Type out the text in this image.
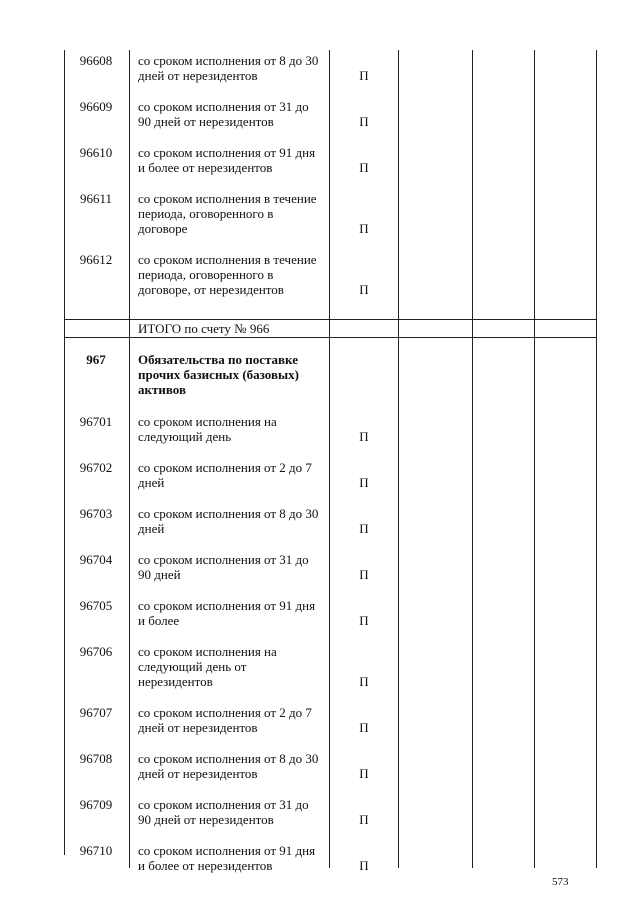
96608	со сроком исполнения от 8 до 30 дней от нерезидентов	П
96609	со сроком исполнения от 31 до 90 дней от нерезидентов	П
96610	со сроком исполнения от 91 дня и более от нерезидентов	П
96611	со сроком исполнения в течение периода, оговоренного в договоре	П
96612	со сроком исполнения в течение периода, оговоренного в договоре, от нерезидентов	П
ИТОГО по счету № 966
967	Обязательства по поставке прочих базисных (базовых) активов
96701	со сроком исполнения на следующий день	П
96702	со сроком исполнения от 2 до 7 дней	П
96703	со сроком исполнения от 8 до 30 дней	П
96704	со сроком исполнения от 31 до 90 дней	П
96705	со сроком исполнения от 91 дня и более	П
96706	со сроком исполнения на следующий день от нерезидентов	П
96707	со сроком исполнения от 2 до 7 дней от нерезидентов	П
96708	со сроком исполнения от 8 до 30 дней от нерезидентов	П
96709	со сроком исполнения от 31 до 90 дней от нерезидентов	П
96710	со сроком исполнения от 91 дня и более от нерезидентов	П
573
